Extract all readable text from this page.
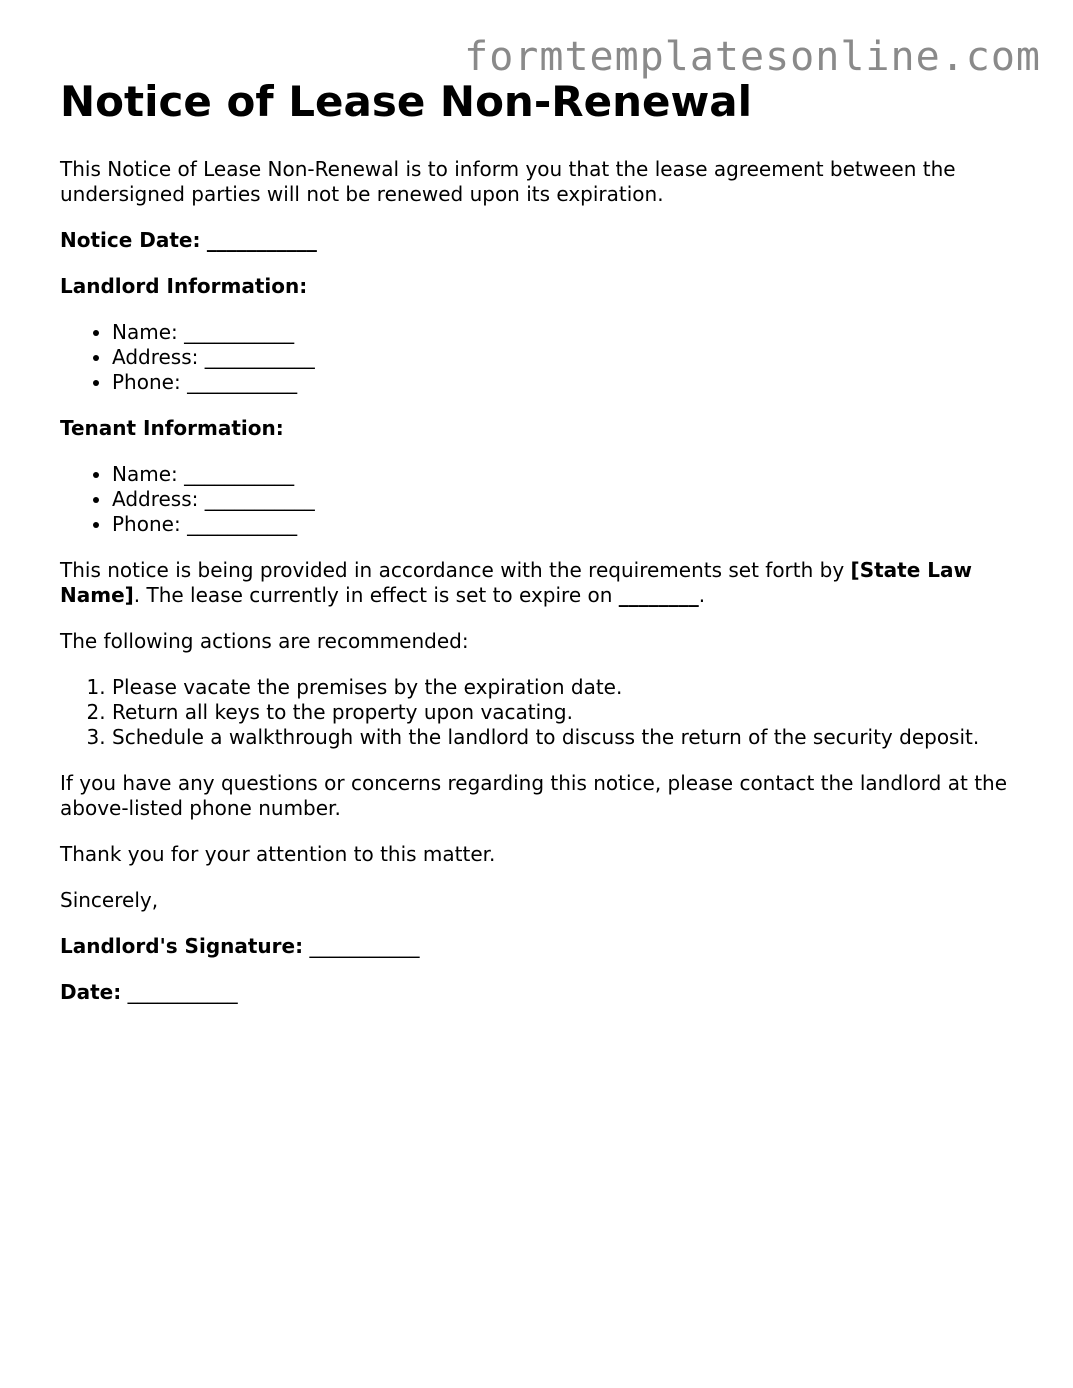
formtemplatesonline.com
Notice of Lease Non-Renewal

This Notice of Lease Non-Renewal is to inform you that the lease agreement between the undersigned parties will not be renewed upon its expiration.

Notice Date: ___________

Landlord Information:
• Name: ___________
• Address: ___________
• Phone: ___________
Tenant Information:
• Name: ___________
• Address: ___________
• Phone: ___________

This notice is being provided in accordance with the requirements set forth by [State Law Name]. The lease currently in effect is set to expire on ________.

The following actions are recommended:

1. Please vacate the premises by the expiration date.
2. Return all keys to the property upon vacating.
3. Schedule a walkthrough with the landlord to discuss the return of the security deposit.

If you have any questions or concerns regarding this notice, please contact the landlord at the above-listed phone number.

Thank you for your attention to this matter.

Sincerely,

Landlord's Signature: ___________

Date: ___________
